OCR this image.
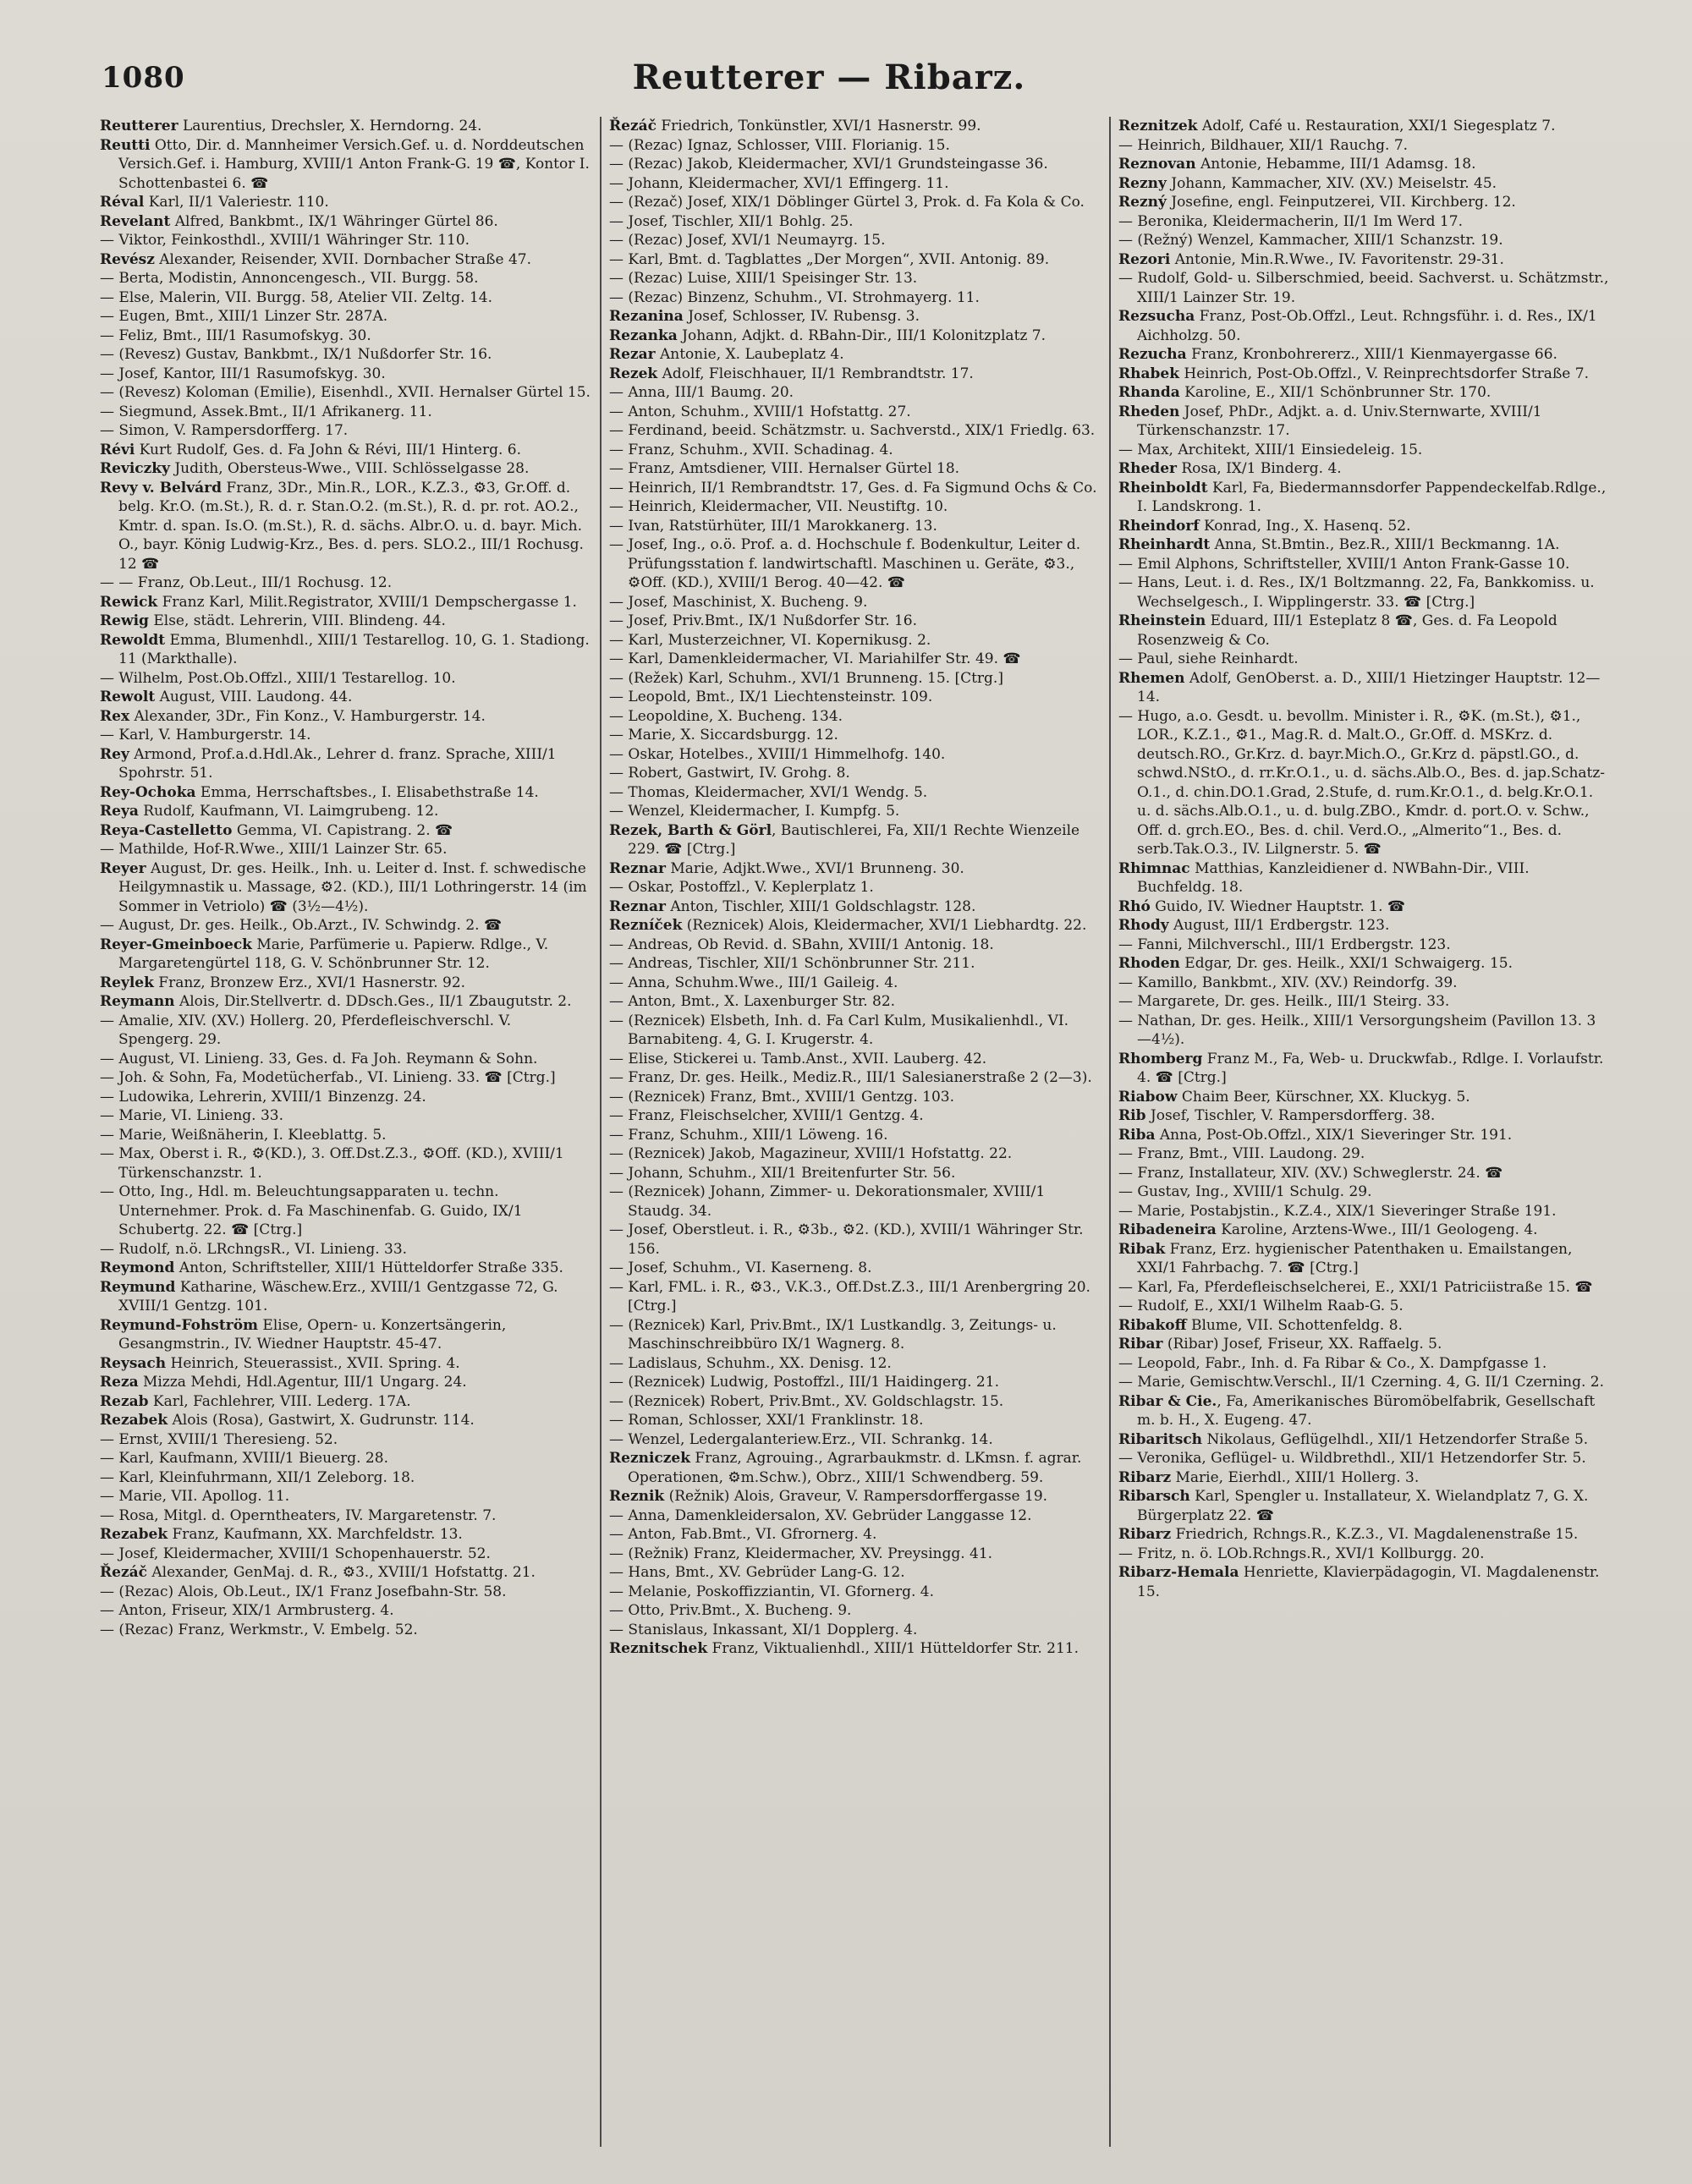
1080	Reutterer — Ribarz.

Reutterer Laurentius, Drechsler, X. Herndorng. 24.

Reutti Otto, Dir. d. Mannheimer Versich.Gef. u. d. Norddeutschen Versich.Gef. i. Hamburg, XVIII/1 Anton Frank-G. 19 ☎, Kontor I. Schottenbastei 6. ☎

Réval Karl, II/1 Valeriestr. 110.

Revelant Alfred, Bankbmt., IX/1 Währinger Gürtel 86.

— Viktor, Feinkosthdl., XVIII/1 Währinger Str. 110.

Revész Alexander, Reisender, XVII. Dornbacher Straße 47.

— Berta, Modistin, Annoncengesch., VII. Burgg. 58.

— Else, Malerin, VII. Burgg. 58, Atelier VII. Zeltg. 14.

— Eugen, Bmt., XIII/1 Linzer Str. 287A.

— Feliz, Bmt., III/1 Rasumofskyg. 30.

— (Revesz) Gustav, Bankbmt., IX/1 Nußdorfer Str. 16.

— Josef, Kantor, III/1 Rasumofskyg. 30.

— (Revesz) Koloman (Emilie), Eisenhdl., XVII. Hernalser Gürtel 15.

— Siegmund, Assek.Bmt., II/1 Afrikanerg. 11.

— Simon, V. Rampersdorfferg. 17.

Révi Kurt Rudolf, Ges. d. Fa John & Révi, III/1 Hinterg. 6.

Reviczky Judith, Obersteus-Wwe., VIII. Schlösselgasse 28.

Revy v. Belvárd Franz, 3Dr., Min.R., LOR., K.Z.3., ⚙3, Gr.Off. d. belg. Kr.O. (m.St.), R. d. r. Stan.O.2. (m.St.), R. d. pr. rot. AO.2., Kmtr. d. span. Is.O. (m.St.), R. d. sächs. Albr.O. u. d. bayr. Mich. O., bayr. König Ludwig-Krz., Bes. d. pers. SLO.2., III/1 Rochusg. 12 ☎

— — Franz, Ob.Leut., III/1 Rochusg. 12.

Rewick Franz Karl, Milit.Registrator, XVIII/1 Dempschergasse 1.

Rewig Else, städt. Lehrerin, VIII. Blindeng. 44.

Rewoldt Emma, Blumenhdl., XIII/1 Testarellog. 10, G. 1. Stadiong. 11 (Markthalle).

— Wilhelm, Post.Ob.Offzl., XIII/1 Testarellog. 10.

Rewolt August, VIII. Laudong. 44.

Rex Alexander, 3Dr., Fin Konz., V. Hamburgerstr. 14.

— Karl, V. Hamburgerstr. 14.

Rey Armond, Prof.a.d.Hdl.Ak., Lehrer d. franz. Sprache, XIII/1 Spohrstr. 51.

Rey-Ochoka Emma, Herrschaftsbes., I. Elisabethstraße 14.

Reya Rudolf, Kaufmann, VI. Laimgrubeng. 12.

Reya-Castelletto Gemma, VI. Capistrang. 2. ☎

— Mathilde, Hof-R.Wwe., XIII/1 Lainzer Str. 65.

Reyer August, Dr. ges. Heilk., Inh. u. Leiter d. Inst. f. schwedische Heilgymnastik u. Massage, ⚙2. (KD.), III/1 Lothringerstr. 14 (im Sommer in Vetriolo) ☎ (3½—4½).

— August, Dr. ges. Heilk., Ob.Arzt., IV. Schwindg. 2. ☎

Reyer-Gmeinboeck Marie, Parfümerie u. Papierw. Rdlge., V. Margaretengürtel 118, G. V. Schönbrunner Str. 12.

Reylek Franz, Bronzew Erz., XVI/1 Hasnerstr. 92.

Reymann Alois, Dir.Stellvertr. d. DDsch.Ges., II/1 Zbaugutstr. 2.

— Amalie, XIV. (XV.) Hollerg. 20, Pferdefleischverschl. V. Spengerg. 29.

— August, VI. Linieng. 33, Ges. d. Fa Joh. Reymann & Sohn.

— Joh. & Sohn, Fa, Modetücherfab., VI. Linieng. 33. ☎ [Ctrg.]

— Ludowika, Lehrerin, XVIII/1 Binzenzg. 24.

— Marie, VI. Linieng. 33.

— Marie, Weißnäherin, I. Kleeblattg. 5.

— Max, Oberst i. R., ⚙(KD.), 3. Off.Dst.Z.3., ⚙Off. (KD.), XVIII/1 Türkenschanzstr. 1.

— Otto, Ing., Hdl. m. Beleuchtungsapparaten u. techn. Unternehmer. Prok. d. Fa Maschinenfab. G. Guido, IX/1 Schubertg. 22. ☎ [Ctrg.]

— Rudolf, n.ö. LRchngsR., VI. Linieng. 33.

Reymond Anton, Schriftsteller, XIII/1 Hütteldorfer Straße 335.

Reymund Katharine, Wäschew.Erz., XVIII/1 Gentzgasse 72, G. XVIII/1 Gentzg. 101.

Reymund-Fohström Elise, Opern- u. Konzertsängerin, Gesangmstrin., IV. Wiedner Hauptstr. 45-47.

Reysach Heinrich, Steuerassist., XVII. Spring. 4.

Reza Mizza Mehdi, Hdl.Agentur, III/1 Ungarg. 24.

Rezab Karl, Fachlehrer, VIII. Lederg. 17A.

Rezabek Alois (Rosa), Gastwirt, X. Gudrunstr. 114.

— Ernst, XVIII/1 Theresieng. 52.

— Karl, Kaufmann, XVIII/1 Bieuerg. 28.

— Karl, Kleinfuhrmann, XII/1 Zeleborg. 18.

— Marie, VII. Apollog. 11.

— Rosa, Mitgl. d. Operntheaters, IV. Margaretenstr. 7.

Rezabek Franz, Kaufmann, XX. Marchfeldstr. 13.

— Josef, Kleidermacher, XVIII/1 Schopenhauerstr. 52.

Řezáč Alexander, GenMaj. d. R., ⚙3., XVIII/1 Hofstattg. 21.

— (Rezac) Alois, Ob.Leut., IX/1 Franz Josefbahn-Str. 58.

— Anton, Friseur, XIX/1 Armbrusterg. 4.

— (Rezac) Franz, Werkmstr., V. Embelg. 52.

Řezáč Friedrich, Tonkünstler, XVI/1 Hasnerstr. 99.

— (Rezac) Ignaz, Schlosser, VIII. Florianig. 15.

— (Rezac) Jakob, Kleidermacher, XVI/1 Grundsteingasse 36.

— Johann, Kleidermacher, XVI/1 Effingerg. 11.

— (Rezač) Josef, XIX/1 Döblinger Gürtel 3, Prok. d. Fa Kola & Co.

— Josef, Tischler, XII/1 Bohlg. 25.

— (Rezac) Josef, XVI/1 Neumayrg. 15.

— Karl, Bmt. d. Tagblattes „Der Morgen“, XVII. Antonig. 89.

— (Rezac) Luise, XIII/1 Speisinger Str. 13.

— (Rezac) Binzenz, Schuhm., VI. Strohmayerg. 11.

Rezanina Josef, Schlosser, IV. Rubensg. 3.

Rezanka Johann, Adjkt. d. RBahn-Dir., III/1 Kolonitzplatz 7.

Rezar Antonie, X. Laubeplatz 4.

Rezek Adolf, Fleischhauer, II/1 Rembrandtstr. 17.

— Anna, III/1 Baumg. 20.

— Anton, Schuhm., XVIII/1 Hofstattg. 27.

— Ferdinand, beeid. Schätzmstr. u. Sachverstd., XIX/1 Friedlg. 63.

— Franz, Schuhm., XVII. Schadinag. 4.

— Franz, Amtsdiener, VIII. Hernalser Gürtel 18.

— Heinrich, II/1 Rembrandtstr. 17, Ges. d. Fa Sigmund Ochs & Co.

— Heinrich, Kleidermacher, VII. Neustiftg. 10.

— Ivan, Ratstürhüter, III/1 Marokkanerg. 13.

— Josef, Ing., o.ö. Prof. a. d. Hochschule f. Bodenkultur, Leiter d. Prüfungsstation f. landwirtschaftl. Maschinen u. Geräte, ⚙3., ⚙Off. (KD.), XVIII/1 Berog. 40—42. ☎

— Josef, Maschinist, X. Bucheng. 9.

— Josef, Priv.Bmt., IX/1 Nußdorfer Str. 16.

— Karl, Musterzeichner, VI. Kopernikusg. 2.

— Karl, Damenkleidermacher, VI. Mariahilfer Str. 49. ☎

— (Režek) Karl, Schuhm., XVI/1 Brunneng. 15. [Ctrg.]

— Leopold, Bmt., IX/1 Liechtensteinstr. 109.

— Leopoldine, X. Bucheng. 134.

— Marie, X. Siccardsburgg. 12.

— Oskar, Hotelbes., XVIII/1 Himmelhofg. 140.

— Robert, Gastwirt, IV. Grohg. 8.

— Thomas, Kleidermacher, XVI/1 Wendg. 5.

— Wenzel, Kleidermacher, I. Kumpfg. 5.

Rezek, Barth & Görl, Bautischlerei, Fa, XII/1 Rechte Wienzeile 229. ☎ [Ctrg.]

Reznar Marie, Adjkt.Wwe., XVI/1 Brunneng. 30.

— Oskar, Postoffzl., V. Keplerplatz 1.

Reznar Anton, Tischler, XIII/1 Goldschlagstr. 128.

Rezníček (Reznicek) Alois, Kleidermacher, XVI/1 Liebhardtg. 22.

— Andreas, Ob Revid. d. SBahn, XVIII/1 Antonig. 18.

— Andreas, Tischler, XII/1 Schönbrunner Str. 211.

— Anna, Schuhm.Wwe., III/1 Gaileig. 4.

— Anton, Bmt., X. Laxenburger Str. 82.

— (Reznicek) Elsbeth, Inh. d. Fa Carl Kulm, Musikalienhdl., VI. Barnabiteng. 4, G. I. Krugerstr. 4.

— Elise, Stickerei u. Tamb.Anst., XVII. Lauberg. 42.

— Franz, Dr. ges. Heilk., Mediz.R., III/1 Salesianerstraße 2 (2—3).

— (Reznicek) Franz, Bmt., XVIII/1 Gentzg. 103.

— Franz, Fleischselcher, XVIII/1 Gentzg. 4.

— Franz, Schuhm., XIII/1 Löweng. 16.

— (Reznicek) Jakob, Magazineur, XVIII/1 Hofstattg. 22.

— Johann, Schuhm., XII/1 Breitenfurter Str. 56.

— (Reznicek) Johann, Zimmer- u. Dekorationsmaler, XVIII/1 Staudg. 34.

— Josef, Oberstleut. i. R., ⚙3b., ⚙2. (KD.), XVIII/1 Währinger Str. 156.

— Josef, Schuhm., VI. Kaserneng. 8.

— Karl, FML. i. R., ⚙3., V.K.3., Off.Dst.Z.3., III/1 Arenbergring 20. [Ctrg.]

— (Reznicek) Karl, Priv.Bmt., IX/1 Lustkandlg. 3, Zeitungs- u. Maschinschreibbüro IX/1 Wagnerg. 8.

— Ladislaus, Schuhm., XX. Denisg. 12.

— (Reznicek) Ludwig, Postoffzl., III/1 Haidingerg. 21.

— (Reznicek) Robert, Priv.Bmt., XV. Goldschlagstr. 15.

— Roman, Schlosser, XXI/1 Franklinstr. 18.

— Wenzel, Ledergalanteriew.Erz., VII. Schrankg. 14.

Rezniczek Franz, Agrouing., Agrarbaukmstr. d. LKmsn. f. agrar. Operationen, ⚙m.Schw.), Obrz., XIII/1 Schwendberg. 59.

Reznik (Režnik) Alois, Graveur, V. Rampersdorffergasse 19.

— Anna, Damenkleidersalon, XV. Gebrüder Langgasse 12.

— Anton, Fab.Bmt., VI. Gfrornerg. 4.

— (Režnik) Franz, Kleidermacher, XV. Preysingg. 41.

— Hans, Bmt., XV. Gebrüder Lang-G. 12.

— Melanie, Poskoffizziantin, VI. Gfornerg. 4.

— Otto, Priv.Bmt., X. Bucheng. 9.

— Stanislaus, Inkassant, XI/1 Dopplerg. 4.

Reznitschek Franz, Viktualienhdl., XIII/1 Hütteldorfer Str. 211.

Reznitzek Adolf, Café u. Restauration, XXI/1 Siegesplatz 7.

— Heinrich, Bildhauer, XII/1 Rauchg. 7.

Reznovan Antonie, Hebamme, III/1 Adamsg. 18.

Rezny Johann, Kammacher, XIV. (XV.) Meiselstr. 45.

Rezný Josefine, engl. Feinputzerei, VII. Kirchberg. 12.

— Beronika, Kleidermacherin, II/1 Im Werd 17.

— (Režný) Wenzel, Kammacher, XIII/1 Schanzstr. 19.

Rezori Antonie, Min.R.Wwe., IV. Favoritenstr. 29-31.

— Rudolf, Gold- u. Silberschmied, beeid. Sachverst. u. Schätzmstr., XIII/1 Lainzer Str. 19.

Rezsucha Franz, Post-Ob.Offzl., Leut. Rchngsführ. i. d. Res., IX/1 Aichholzg. 50.

Rezucha Franz, Kronbohrererz., XIII/1 Kienmayergasse 66.

Rhabek Heinrich, Post-Ob.Offzl., V. Reinprechtsdorfer Straße 7.

Rhanda Karoline, E., XII/1 Schönbrunner Str. 170.

Rheden Josef, PhDr., Adjkt. a. d. Univ.Sternwarte, XVIII/1 Türkenschanzstr. 17.

— Max, Architekt, XIII/1 Einsiedeleig. 15.

Rheder Rosa, IX/1 Binderg. 4.

Rheinboldt Karl, Fa, Biedermannsdorfer Pappendeckelfab.Rdlge., I. Landskrong. 1.

Rheindorf Konrad, Ing., X. Hasenq. 52.

Rheinhardt Anna, St.Bmtin., Bez.R., XIII/1 Beckmanng. 1A.

— Emil Alphons, Schriftsteller, XVIII/1 Anton Frank-Gasse 10.

— Hans, Leut. i. d. Res., IX/1 Boltzmanng. 22, Fa, Bankkomiss. u. Wechselgesch., I. Wipplingerstr. 33. ☎ [Ctrg.]

Rheinstein Eduard, III/1 Esteplatz 8 ☎, Ges. d. Fa Leopold Rosenzweig & Co.

— Paul, siehe Reinhardt.

Rhemen Adolf, GenOberst. a. D., XIII/1 Hietzinger Hauptstr. 12—14.

— Hugo, a.o. Gesdt. u. bevollm. Minister i. R., ⚙K. (m.St.), ⚙1., LOR., K.Z.1., ⚙1., Mag.R. d. Malt.O., Gr.Off. d. MSKrz. d. deutsch.RO., Gr.Krz. d. bayr.Mich.O., Gr.Krz d. päpstl.GO., d. schwd.NStO., d. rr.Kr.O.1., u. d. sächs.Alb.O., Bes. d. jap.Schatz-O.1., d. chin.DO.1.Grad, 2.Stufe, d. rum.Kr.O.1., d. belg.Kr.O.1. u. d. sächs.Alb.O.1., u. d. bulg.ZBO., Kmdr. d. port.O. v. Schw., Off. d. grch.EO., Bes. d. chil. Verd.O., „Almerito“1., Bes. d. serb.Tak.O.3., IV. Lilgnerstr. 5. ☎

Rhimnac Matthias, Kanzleidiener d. NWBahn-Dir., VIII. Buchfeldg. 18.

Rhó Guido, IV. Wiedner Hauptstr. 1. ☎

Rhody August, III/1 Erdbergstr. 123.

— Fanni, Milchverschl., III/1 Erdbergstr. 123.

Rhoden Edgar, Dr. ges. Heilk., XXI/1 Schwaigerg. 15.

— Kamillo, Bankbmt., XIV. (XV.) Reindorfg. 39.

— Margarete, Dr. ges. Heilk., III/1 Steirg. 33.

— Nathan, Dr. ges. Heilk., XIII/1 Versorgungsheim (Pavillon 13. 3—4½).

Rhomberg Franz M., Fa, Web- u. Druckwfab., Rdlge. I. Vorlaufstr. 4. ☎ [Ctrg.]

Riabow Chaim Beer, Kürschner, XX. Kluckyg. 5.

Rib Josef, Tischler, V. Rampersdorfferg. 38.

Riba Anna, Post-Ob.Offzl., XIX/1 Sieveringer Str. 191.

— Franz, Bmt., VIII. Laudong. 29.

— Franz, Installateur, XIV. (XV.) Schweglerstr. 24. ☎

— Gustav, Ing., XVIII/1 Schulg. 29.

— Marie, Postabjstin., K.Z.4., XIX/1 Sieveringer Straße 191.

Ribadeneira Karoline, Arztens-Wwe., III/1 Geologeng. 4.

Ribak Franz, Erz. hygienischer Patenthaken u. Emailstangen, XXI/1 Fahrbachg. 7. ☎ [Ctrg.]

— Karl, Fa, Pferdefleischselcherei, E., XXI/1 Patriciistraße 15. ☎

— Rudolf, E., XXI/1 Wilhelm Raab-G. 5.

Ribakoff Blume, VII. Schottenfeldg. 8.

Ribar (Ribar) Josef, Friseur, XX. Raffaelg. 5.

— Leopold, Fabr., Inh. d. Fa Ribar & Co., X. Dampfgasse 1.

— Marie, Gemischtw.Verschl., II/1 Czerning. 4, G. II/1 Czerning. 2.

Ribar & Cie., Fa, Amerikanisches Büromöbelfabrik, Gesellschaft m. b. H., X. Eugeng. 47.

Ribaritsch Nikolaus, Geflügelhdl., XII/1 Hetzendorfer Straße 5.

— Veronika, Geflügel- u. Wildbrethdl., XII/1 Hetzendorfer Str. 5.

Ribarz Marie, Eierhdl., XIII/1 Hollerg. 3.

Ribarsch Karl, Spengler u. Installateur, X. Wielandplatz 7, G. X. Bürgerplatz 22. ☎

Ribarz Friedrich, Rchngs.R., K.Z.3., VI. Magdalenenstraße 15.

— Fritz, n. ö. LOb.Rchngs.R., XVI/1 Kollburgg. 20.

Ribarz-Hemala Henriette, Klavierpädagogin, VI. Magdalenenstr. 15.
